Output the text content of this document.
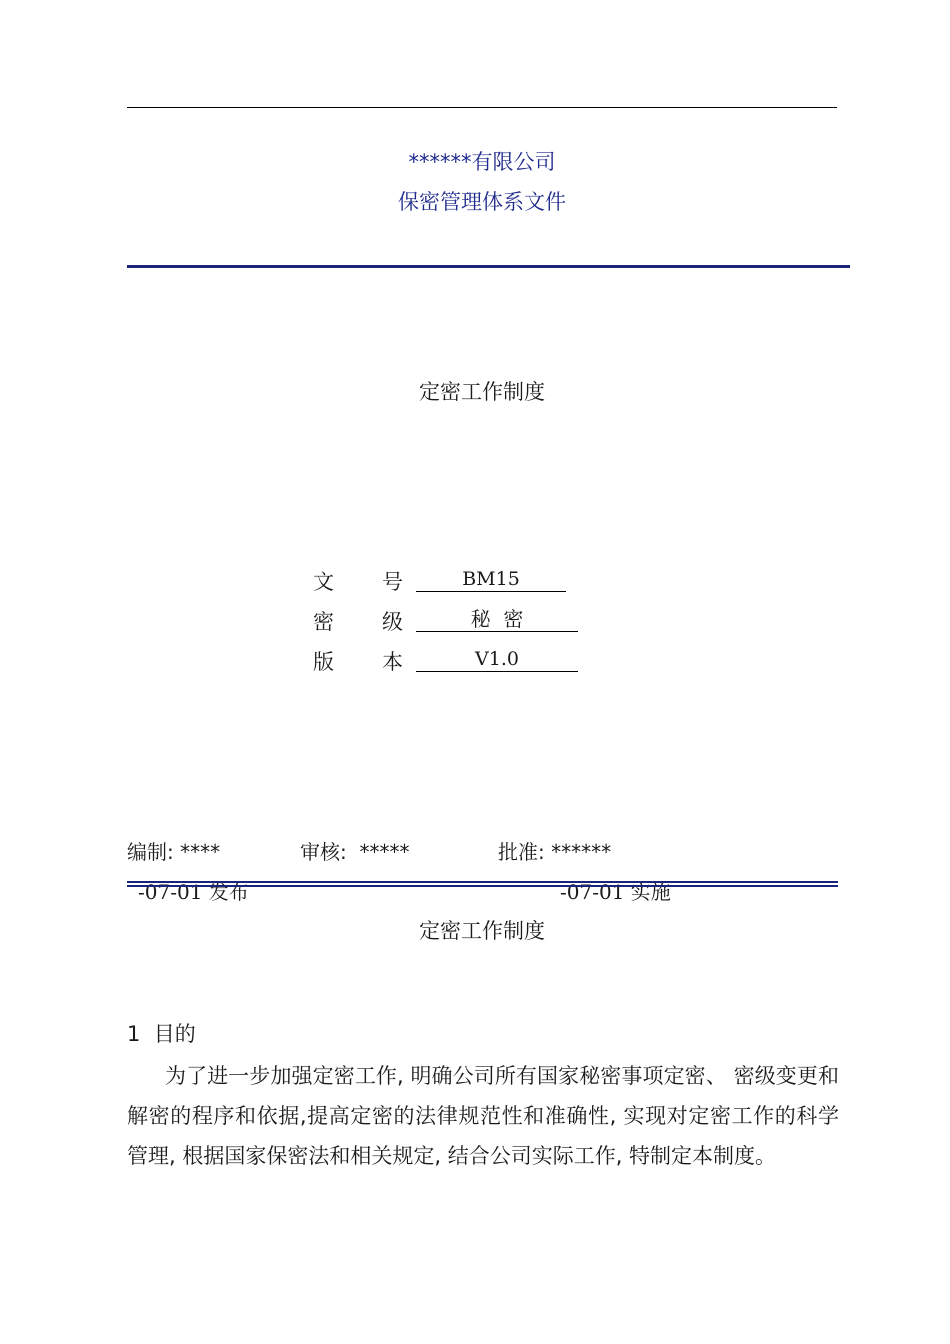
******有限公司
保密管理体系文件
定密工作制度
文 号	BM15
密 级	秘  密
版 本	V1.0
编制: ****	审核:  *****	批准: ******
-07-01 发布	-07-01 实施
定密工作制度
1  目的
为了进一步加强定密工作, 明确公司所有国家秘密事项定密、 密级变更和解密的程序和依据,提高定密的法律规范性和准确性, 实现对定密工作的科学管理, 根据国家保密法和相关规定, 结合公司实际工作, 特制定本制度。
